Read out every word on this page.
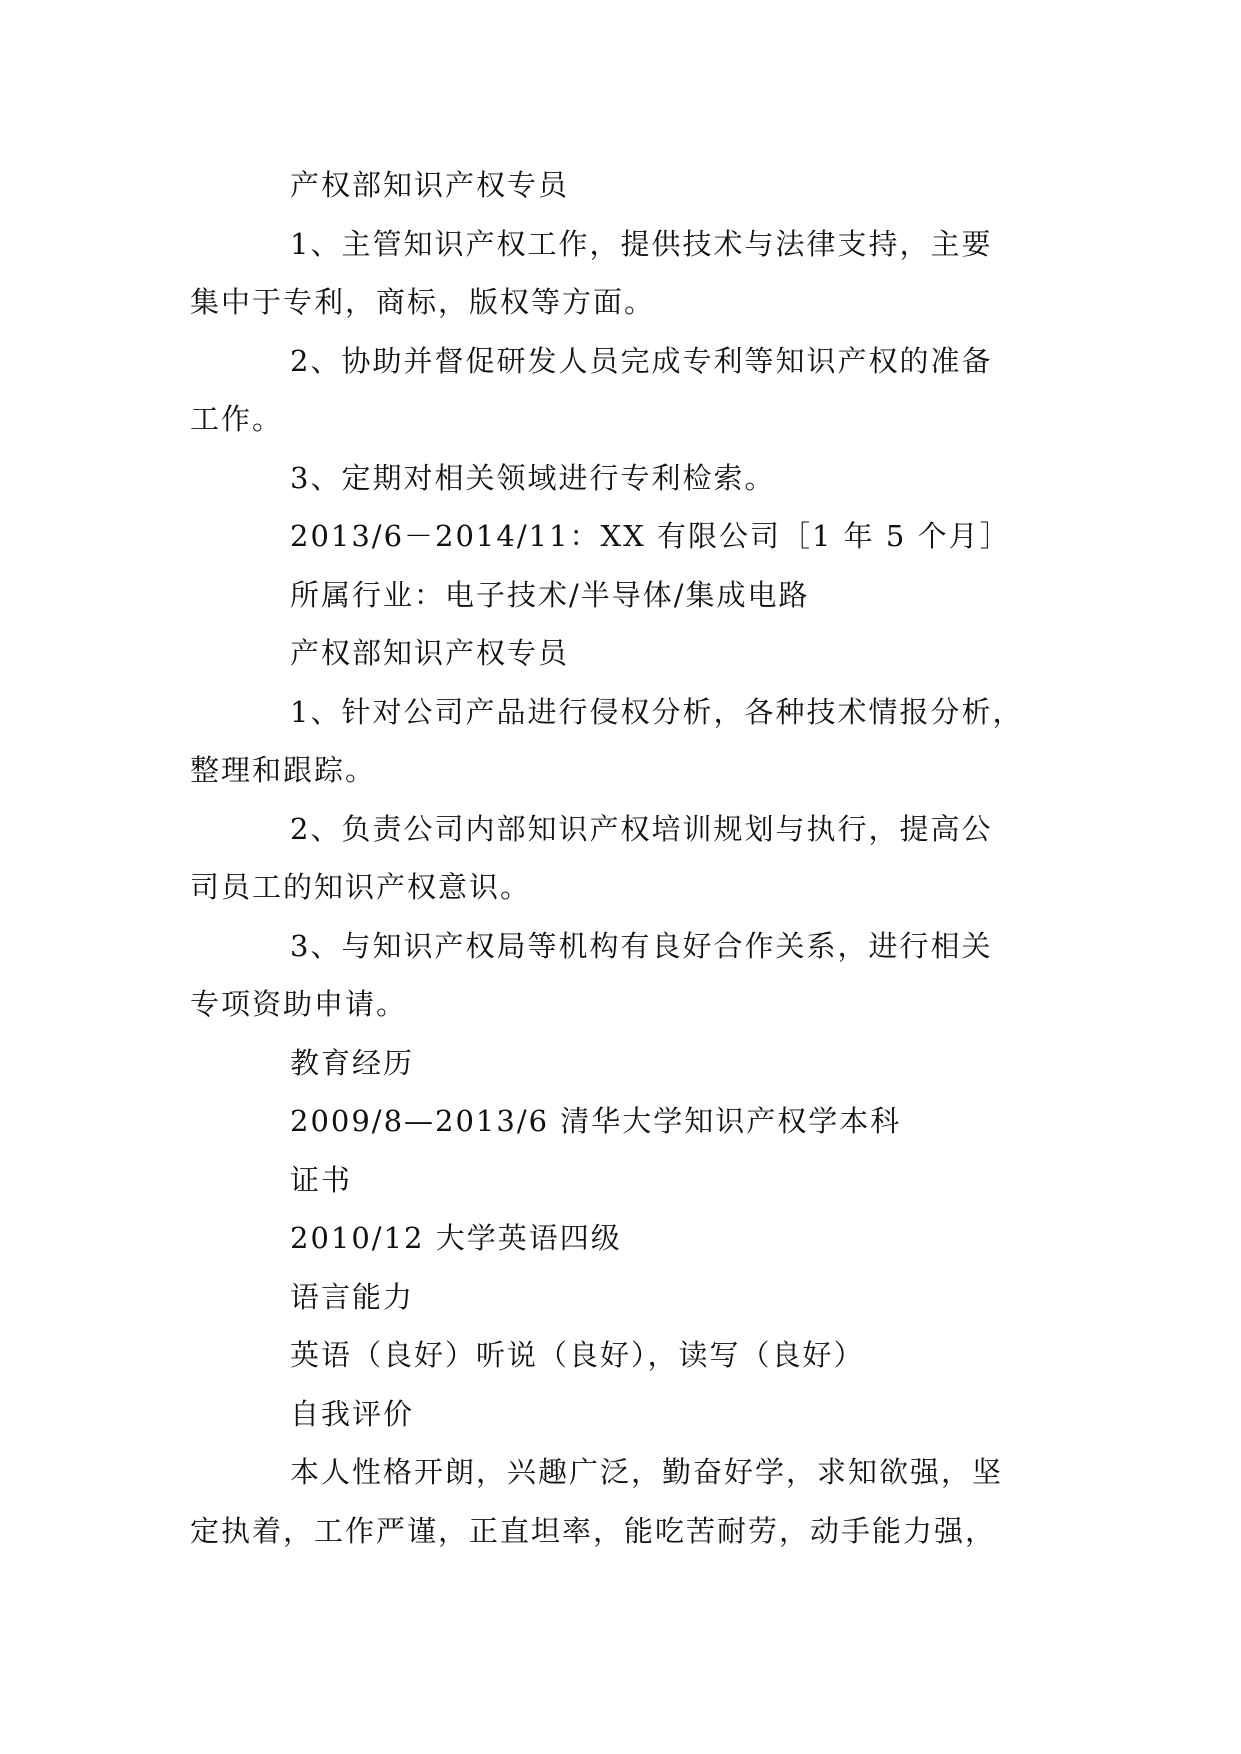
产权部知识产权专员
1、主管知识产权工作，提供技术与法律支持，主要
集中于专利，商标，版权等方面。
2、协助并督促研发人员完成专利等知识产权的准备
工作。
3、定期对相关领域进行专利检索。
2013/6－2014/11：XX 有限公司［1 年 5 个月］
所属行业：电子技术/半导体/集成电路
产权部知识产权专员
1、针对公司产品进行侵权分析，各种技术情报分析，
整理和跟踪。
2、负责公司内部知识产权培训规划与执行，提高公
司员工的知识产权意识。
3、与知识产权局等机构有良好合作关系，进行相关
专项资助申请。
教育经历
2009/8—2013/6 清华大学知识产权学本科
证书
2010/12 大学英语四级
语言能力
英语（良好）听说（良好），读写（良好）
自我评价
本人性格开朗，兴趣广泛，勤奋好学，求知欲强，坚
定执着，工作严谨，正直坦率，能吃苦耐劳，动手能力强，
